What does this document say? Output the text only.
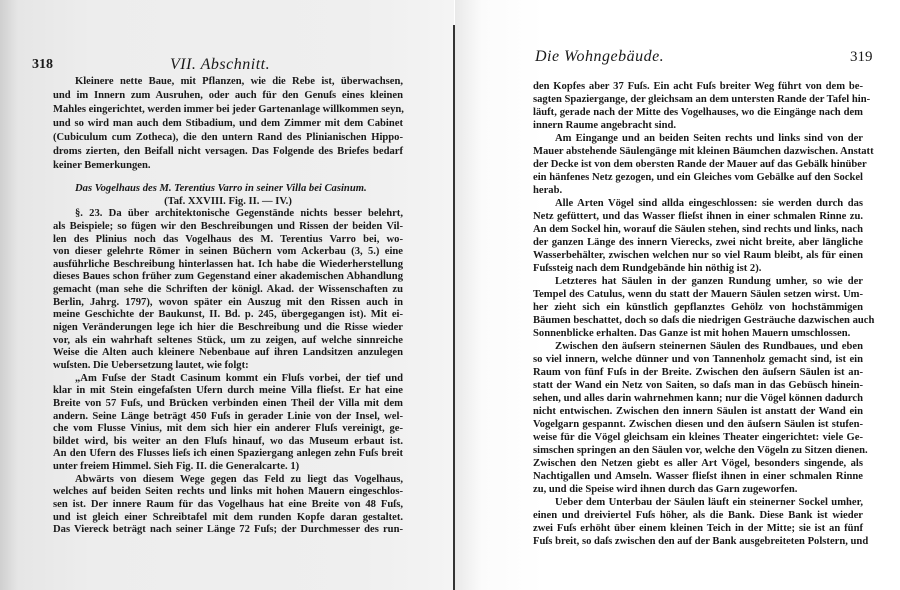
318	VII. Abschnitt.
Kleinere nette Baue, mit Pflanzen, wie die Rebe ist, überwachsen,
und im Innern zum Ausruhen, oder auch für den Genuſs eines kleinen
Mahles eingerichtet, werden immer bei jeder Gartenanlage willkommen seyn,
und so wird man auch dem Stibadium, und dem Zimmer mit dem Cabinet
(Cubiculum cum Zotheca), die den untern Rand des Plinianischen Hippo-
droms zierten, den Beifall nicht versagen. Das Folgende des Briefes bedarf
keiner Bemerkungen.
Das Vogelhaus des M. Terentius Varro in seiner Villa bei Casinum.
(Taf. XXVIII. Fig. II. — IV.)
§. 23. Da über architektonische Gegenstände nichts besser belehrt,
als Beispiele; so fügen wir den Beschreibungen und Rissen der beiden Vil-
len des Plinius noch das Vogelhaus des M. Terentius Varro bei, wo-
von dieser gelehrte Römer in seinen Büchern vom Ackerbau (3, 5.) eine
ausführliche Beschreibung hinterlassen hat. Ich habe die Wiederherstellung
dieses Baues schon früher zum Gegenstand einer akademischen Abhandlung
gemacht (man sehe die Schriften der königl. Akad. der Wissenschaften zu
Berlin, Jahrg. 1797), wovon später ein Auszug mit den Rissen auch in
meine Geschichte der Baukunst, II. Bd. p. 245, übergegangen ist). Mit ei-
nigen Veränderungen lege ich hier die Beschreibung und die Risse wieder
vor, als ein wahrhaft seltenes Stück, um zu zeigen, auf welche sinnreiche
Weise die Alten auch kleinere Nebenbaue auf ihren Landsitzen anzulegen
wuſsten. Die Uebersetzung lautet, wie folgt:
„Am Fuſse der Stadt Casinum kommt ein Fluſs vorbei, der tief und
klar in mit Stein eingefaſsten Ufern durch meine Villa flieſst. Er hat eine
Breite von 57 Fuſs, und Brücken verbinden einen Theil der Villa mit dem
andern. Seine Länge beträgt 450 Fuſs in gerader Linie von der Insel, wel-
che vom Flusse Vinius, mit dem sich hier ein anderer Fluſs vereinigt, ge-
bildet wird, bis weiter an den Fluſs hinauf, wo das Museum erbaut ist.
An den Ufern des Flusses lieſs ich einen Spaziergang anlegen zehn Fuſs breit
unter freiem Himmel. Sieh Fig. II. die Generalcarte. 1)
Abwärts von diesem Wege gegen das Feld zu liegt das Vogelhaus,
welches auf beiden Seiten rechts und links mit hohen Mauern eingeschlos-
sen ist. Der innere Raum für das Vogelhaus hat eine Breite von 48 Fuſs,
und ist gleich einer Schreibtafel mit dem runden Kopfe daran gestaltet.
Das Viereck beträgt nach seiner Länge 72 Fuſs; der Durchmesser des run-
Die Wohngebäude.	319
den Kopfes aber 37 Fuſs. Ein acht Fuſs breiter Weg führt von dem be-
sagten Spaziergange, der gleichsam an dem untersten Rande der Tafel hin-
läuft, gerade nach der Mitte des Vogelhauses, wo die Eingänge nach dem
innern Raume angebracht sind.
Am Eingange und an beiden Seiten rechts und links sind von der
Mauer abstehende Säulengänge mit kleinen Bäumchen dazwischen. Anstatt
der Decke ist von dem obersten Rande der Mauer auf das Gebälk hinüber
ein hänfenes Netz gezogen, und ein Gleiches vom Gebälke auf den Sockel
herab.
Alle Arten Vögel sind allda eingeschlossen: sie werden durch das
Netz gefüttert, und das Wasser flieſst ihnen in einer schmalen Rinne zu.
An dem Sockel hin, worauf die Säulen stehen, sind rechts und links, nach
der ganzen Länge des innern Vierecks, zwei nicht breite, aber längliche
Wasserbehälter, zwischen welchen nur so viel Raum bleibt, als für einen
Fuſssteig nach dem Rundgebände hin nöthig ist 2).
Letzteres hat Säulen in der ganzen Rundung umher, so wie der
Tempel des Catulus, wenn du statt der Mauern Säulen setzen wirst. Um-
her zieht sich ein künstlich gepflanztes Gehölz von hochstämmigen
Bäumen beschattet, doch so daſs die niedrigen Gesträuche dazwischen auch
Sonnenblicke erhalten. Das Ganze ist mit hohen Mauern umschlossen.
Zwischen den äuſsern steinernen Säulen des Rundbaues, und eben
so viel innern, welche dünner und von Tannenholz gemacht sind, ist ein
Raum von fünf Fuſs in der Breite. Zwischen den äuſsern Säulen ist an-
statt der Wand ein Netz von Saiten, so daſs man in das Gebüsch hinein-
sehen, und alles darin wahrnehmen kann; nur die Vögel können dadurch
nicht entwischen. Zwischen den innern Säulen ist anstatt der Wand ein
Vogelgarn gespannt. Zwischen diesen und den äuſsern Säulen ist stufen-
weise für die Vögel gleichsam ein kleines Theater eingerichtet: viele Ge-
simschen springen an den Säulen vor, welche den Vögeln zu Sitzen dienen.
Zwischen den Netzen giebt es aller Art Vögel, besonders singende, als
Nachtigallen und Amseln. Wasser flieſst ihnen in einer schmalen Rinne
zu, und die Speise wird ihnen durch das Garn zugeworfen.
Ueber dem Unterbau der Säulen läuft ein steinerner Sockel umher,
einen und dreiviertel Fuſs höher, als die Bank. Diese Bank ist wieder
zwei Fuſs erhöht über einem kleinen Teich in der Mitte; sie ist an fünf
Fuſs breit, so daſs zwischen den auf der Bank ausgebreiteten Polstern, und
